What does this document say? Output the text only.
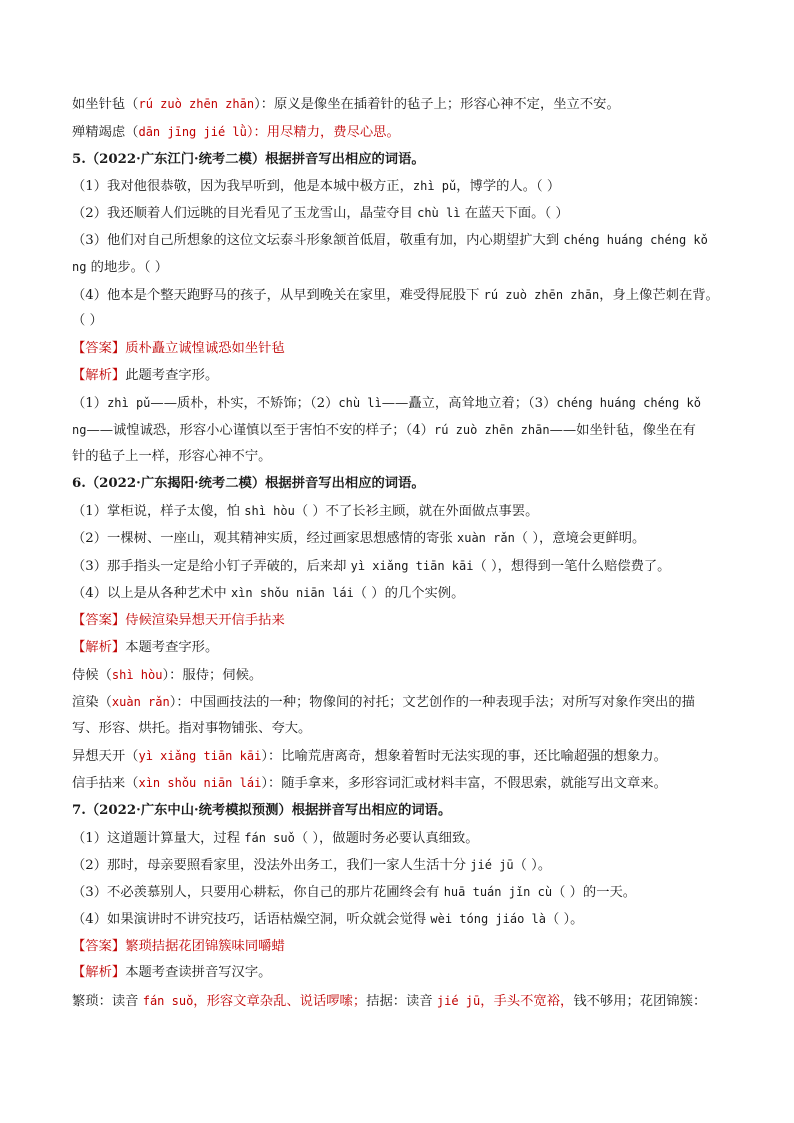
如坐针毡（rú zuò zhēn zhān）：原义是像坐在插着针的毡子上；形容心神不定，坐立不安。
殚精竭虑（dān jīng jié lǜ）：用尽精力，费尽心思。
5.（2022·广东江门·统考二模）根据拼音写出相应的词语。
（1）我对他很恭敬，因为我早听到，他是本城中极方正，zhì pǔ，博学的人。（ ）
（2）我还顺着人们远眺的目光看见了玉龙雪山，晶莹夺目 chù lì 在蓝天下面。（ ）
（3）他们对自己所想象的这位文坛泰斗形象颔首低眉，敬重有加，内心期望扩大到 chéng huáng chéng kǒ
ng 的地步。（ ）
（4）他本是个整天跑野马的孩子，从早到晚关在家里，难受得屁股下 rú zuò zhēn zhān，身上像芒刺在背。
（ ）
【答案】质朴矗立诚惶诚恐如坐针毡
【解析】此题考查字形。
（1）zhì pǔ——质朴，朴实，不矫饰；（2）chù lì——矗立，高耸地立着；（3）chéng huáng chéng kǒ
ng——诚惶诚恐，形容小心谨慎以至于害怕不安的样子；（4）rú zuò zhēn zhān——如坐针毡，像坐在有
针的毡子上一样，形容心神不宁。
6.（2022·广东揭阳·统考二模）根据拼音写出相应的词语。
（1）掌柜说，样子太傻，怕 shì hòu（ ）不了长衫主顾，就在外面做点事罢。
（2）一棵树、一座山，观其精神实质，经过画家思想感情的寄张 xuàn rǎn（ ），意境会更鲜明。
（3）那手指头一定是给小钉子弄破的，后来却 yì xiǎng tiān kāi（ ），想得到一笔什么赔偿费了。
（4）以上是从各种艺术中 xìn shǒu niān lái（ ）的几个实例。
【答案】侍候渲染异想天开信手拈来
【解析】本题考查字形。
侍候（shì hòu）：服侍；伺候。
渲染（xuàn rǎn）：中国画技法的一种；物像间的衬托；文艺创作的一种表现手法；对所写对象作突出的描
写、形容、烘托。指对事物铺张、夸大。
异想天开（yì xiǎng tiān kāi）：比喻荒唐离奇，想象着暂时无法实现的事，还比喻超强的想象力。
信手拈来（xìn shǒu niān lái）：随手拿来，多形容词汇或材料丰富，不假思索，就能写出文章来。
7.（2022·广东中山·统考模拟预测）根据拼音写出相应的词语。
（1）这道题计算量大，过程 fán suǒ（ ），做题时务必要认真细致。
（2）那时，母亲要照看家里，没法外出务工，我们一家人生活十分 jié jū（ ）。
（3）不必羡慕别人，只要用心耕耘，你自己的那片花圃终会有 huā tuán jǐn cù（ ）的一天。
（4）如果演讲时不讲究技巧，话语枯燥空洞，听众就会觉得 wèi tóng jiáo là（ ）。
【答案】繁琐拮据花团锦簇味同嚼蜡
【解析】本题考查读拼音写汉字。
繁琐：读音 fán suǒ，形容文章杂乱、说话啰嗦；拮据：读音 jié jū，手头不宽裕，钱不够用；花团锦簇：
